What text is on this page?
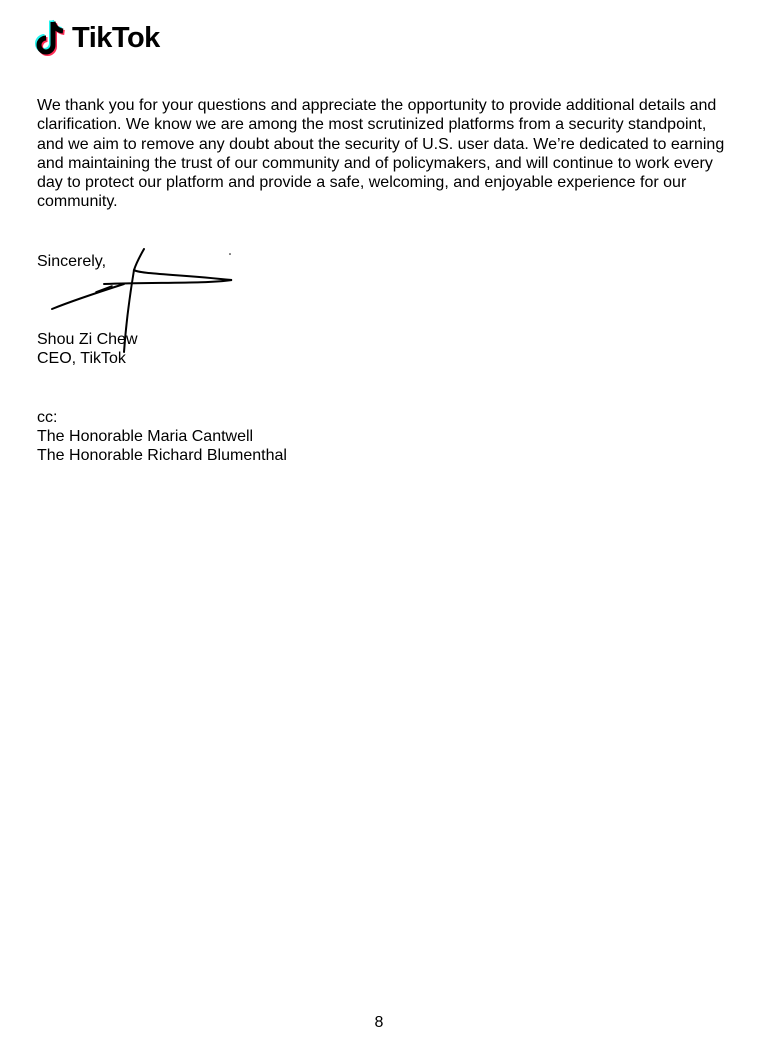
TikTok

We thank you for your questions and appreciate the opportunity to provide additional details and clarification. We know we are among the most scrutinized platforms from a security standpoint, and we aim to remove any doubt about the security of U.S. user data. We’re dedicated to earning and maintaining the trust of our community and of policymakers, and will continue to work every day to protect our platform and provide a safe, welcoming, and enjoyable experience for our community.

Sincerely,

Shou Zi Chew

CEO, TikTok

cc:

The Honorable Maria Cantwell

The Honorable Richard Blumenthal

8
